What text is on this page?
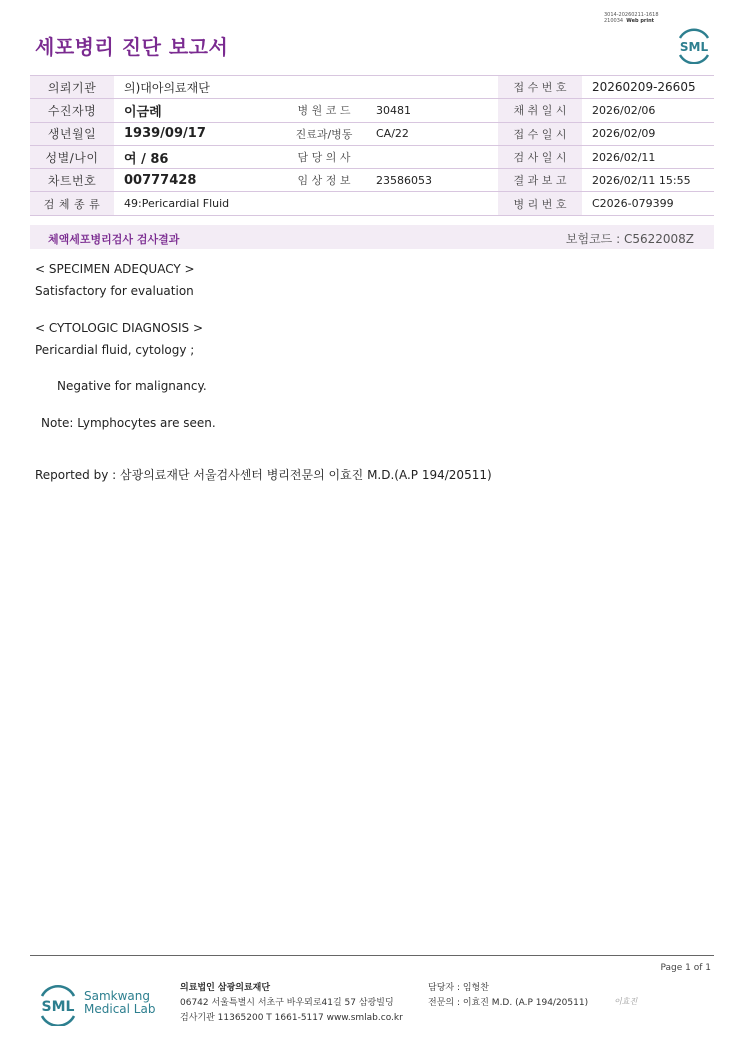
3014-20260211-1618
210034 Web print
세포병리 진단 보고서	SML
의뢰기관	의)대아의료재단			접 수 번 호	20260209-26605
수진자명	이금례	병 원 코 드	30481	채 취 일 시	2026/02/06
생년월일	1939/09/17	진료과/병동	CA/22	접 수 일 시	2026/02/09
성별/나이	여 / 86	담 당 의 사		검 사 일 시	2026/02/11
차트번호	00777428	임 상 정 보	23586053	결 과 보 고	2026/02/11 15:55
검 체 종 류	49:Pericardial Fluid			병 리 번 호	C2026-079399
체액세포병리검사 검사결과	보험코드 : C5622008Z
< SPECIMEN ADEQUACY >
Satisfactory for evaluation
< CYTOLOGIC DIAGNOSIS >
Pericardial fluid, cytology ;
Negative for malignancy.
Note: Lymphocytes are seen.
Reported by : 삼광의료재단 서울검사센터 병리전문의 이효진 M.D.(A.P 194/20511)
Page 1 of 1
SML
Samkwang
Medical Lab
의료법인 삼광의료재단
06742 서울특별시 서초구 바우뫼로41길 57 삼광빌딩
검사기관 11365200 T 1661-5117 www.smlab.co.kr
담당자 : 임형찬
전문의 : 이효진 M.D. (A.P 194/20511)	이효진
